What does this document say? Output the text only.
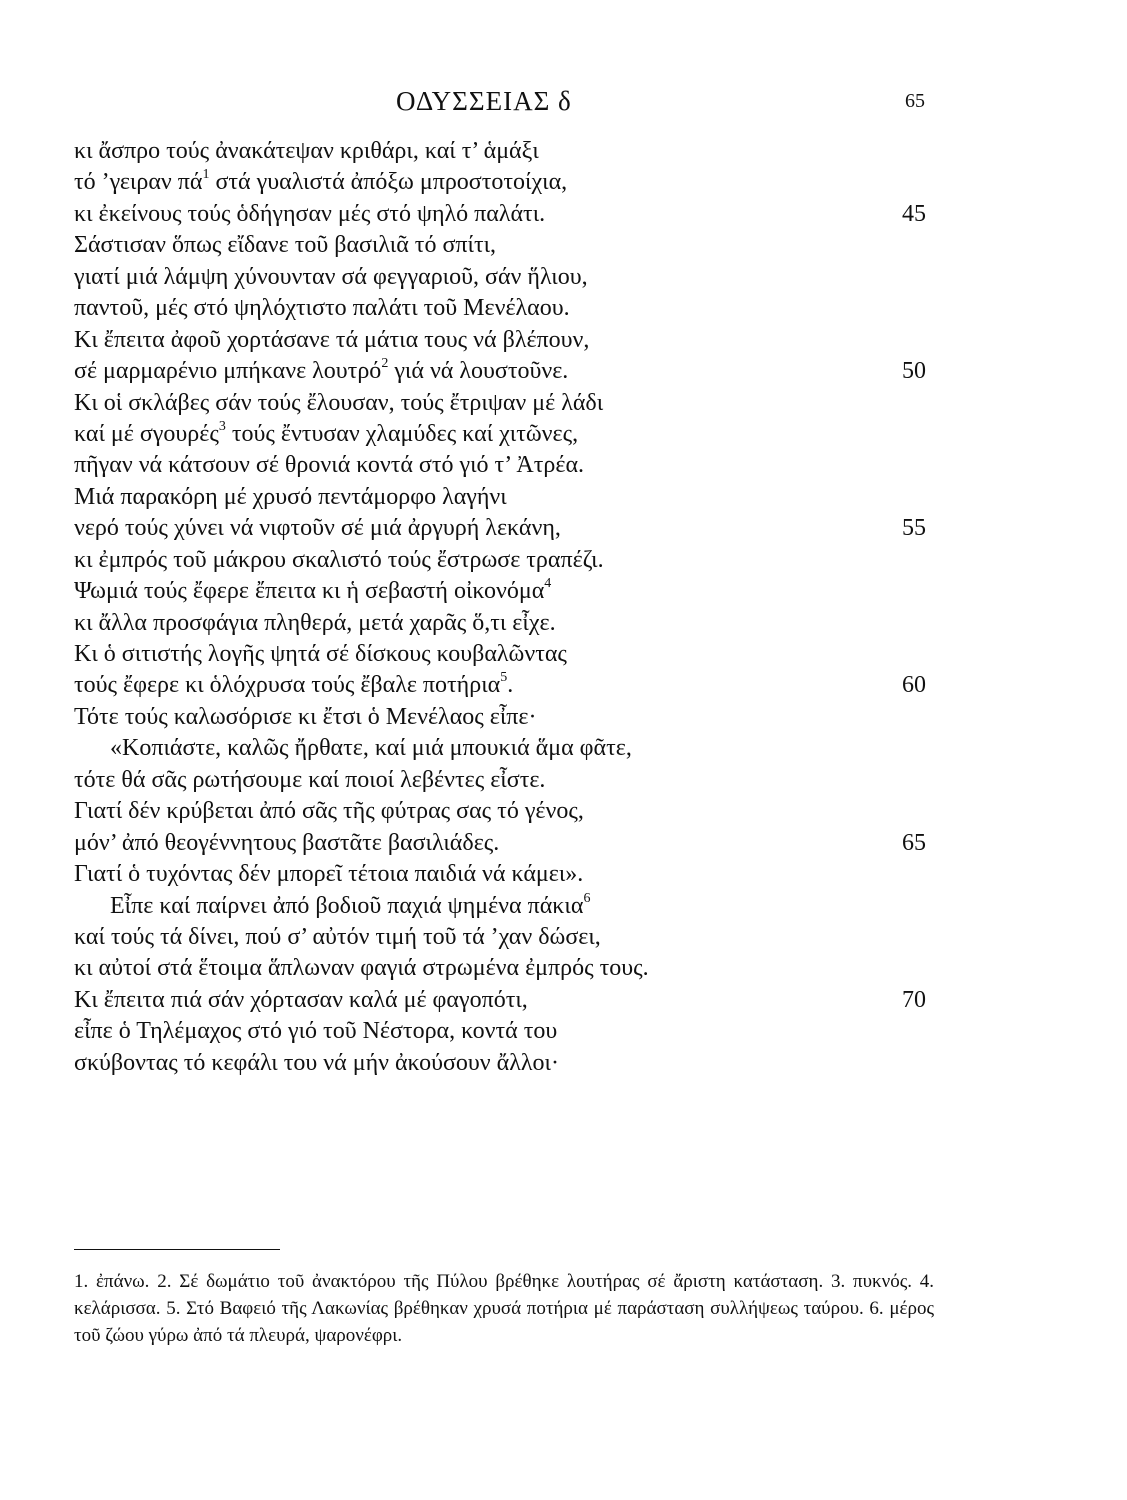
ΟΔΥΣΣΕΙΑΣ δ	65
κι ἄσπρο τούς ἀνακάτεψαν κριθάρι, καί τ’ ἁμάξι
τό ’γειραν $\pi ά^1$ στά γυαλιστά ἀπόξω μπροστοτοίχια,
κι ἐκείνους τούς ὁδήγησαν μές στό ψηλό παλάτι.	45
Σάστισαν ὅπως εἴδανε τοῦ βασιλιᾶ τό σπίτι,
γιατί μιά λάμψη χύνουνταν σά φεγγαριοῦ, σάν ἥλιου,
παντοῦ, μές στό ψηλόχτιστο παλάτι τοῦ Μενέλαου.
Κι ἔπειτα ἀφοῦ χορτάσανε τά μάτια τους νά βλέπουν,
σέ μαρμαρένιο μπήκανε λουτρό$^2$ γιά νά λουστοῦνε.	50
Κι οἱ σκλάβες σάν τούς ἔλουσαν, τούς ἔτριψαν μέ λάδι
καί μέ σγουρές$^3$ τούς ἔντυσαν χλαμύδες καί χιτῶνες,
πῆγαν νά κάτσουν σέ θρονιά κοντά στό γιό τ’ Ἀτρέα.
Μιά παρακόρη μέ χρυσό πεντάμορφο λαγήνι
νερό τούς χύνει νά νιφτοῦν σέ μιά ἀργυρή λεκάνη,	55
κι ἐμπρός τοῦ μάκρου σκαλιστό τούς ἔστρωσε τραπέζι.
Ψωμιά τούς ἔφερε ἔπειτα κι ἡ σεβαστή οἰκονόμα$^4$
κι ἄλλα προσφάγια πληθερά, μετά χαρᾶς ὅ,τι εἶχε.
Κι ὁ σιτιστής λογῆς ψητά σέ δίσκους κουβαλῶντας
τούς ἔφερε κι ὁλόχρυσα τούς ἔβαλε ποτήρια$^5$.	60
Τότε τούς καλωσόρισε κι ἔτσι ὁ Μενέλαος εἶπε·
«Κοπιάστε, καλῶς ἤρθατε, καί μιά μπουκιά ἅμα φᾶτε,
τότε θά σᾶς ρωτήσουμε καί ποιοί λεβέντες εἶστε.
Γιατί δέν κρύβεται ἀπό σᾶς τῆς φύτρας σας τό γένος,
μόν’ ἀπό θεογέννητους βαστᾶτε βασιλιάδες.	65
Γιατί ὁ τυχόντας δέν μπορεῖ τέτοια παιδιά νά κάμει».
Εἶπε καί παίρνει ἀπό βοδιοῦ παχιά ψημένα πάκια$^6$
καί τούς τά δίνει, πού σ’ αὐτόν τιμή τοῦ τά ’χαν δώσει,
κι αὐτοί στά ἕτοιμα ἅπλωναν φαγιά στρωμένα ἐμπρός τους.
Κι ἔπειτα πιά σάν χόρτασαν καλά μέ φαγοπότι,	70
εἶπε ὁ Τηλέμαχος στό γιό τοῦ Νέστορα, κοντά του
σκύβοντας τό κεφάλι του νά μήν ἀκούσουν ἄλλοι·
1. ἐπάνω. 2. Σέ δωμάτιο τοῦ ἀνακτόρου τῆς Πύλου βρέθηκε λουτήρας σέ ἄριστη κατάσταση. 3. πυκνός. 4. κελάρισσα. 5. Στό Βαφειό τῆς Λακωνίας βρέθηκαν χρυσά ποτήρια μέ παράσταση συλλήψεως ταύρου. 6. μέρος τοῦ ζώου γύρω ἀπό τά πλευρά, ψαρονέφρι.
